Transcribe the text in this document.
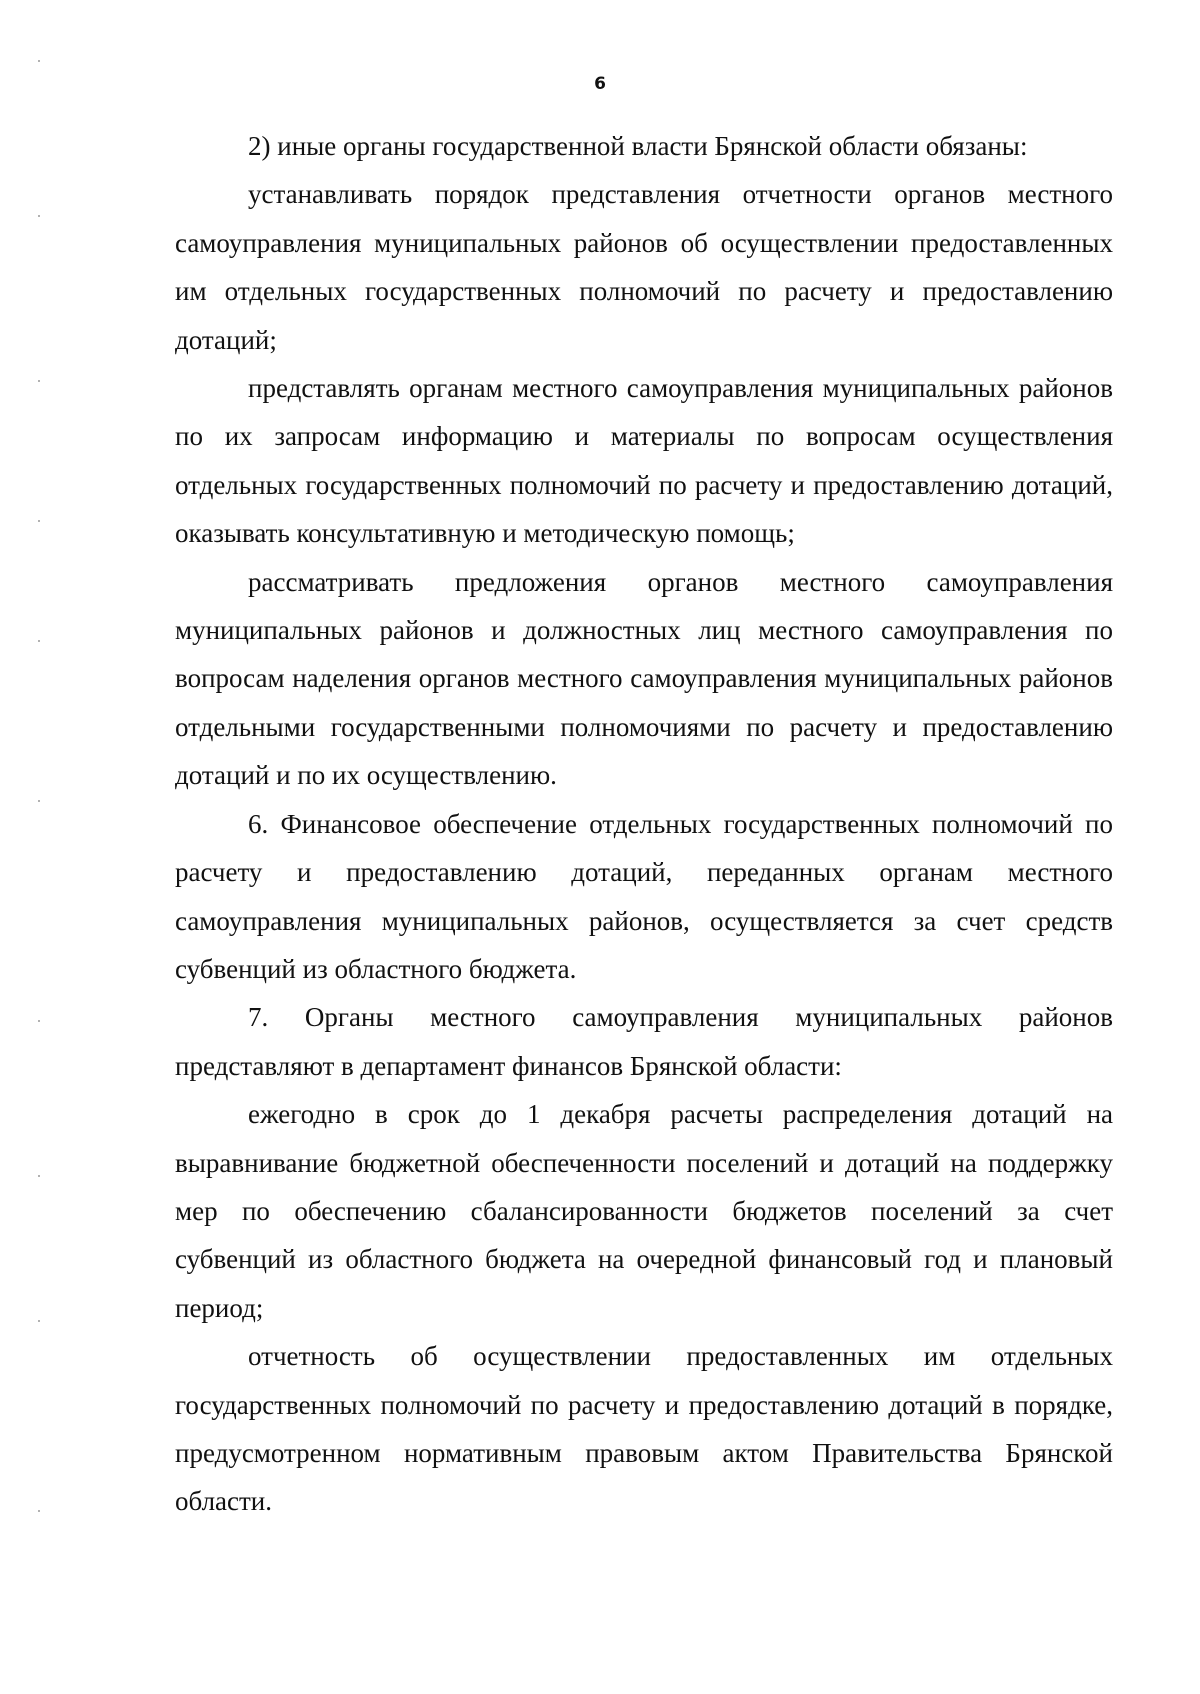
6

2) иные органы государственной власти Брянской области обязаны:

устанавливать порядок представления отчетности органов местного самоуправления муниципальных районов об осуществлении предоставленных им отдельных государственных полномочий по расчету и предоставлению дотаций;

представлять органам местного самоуправления муниципальных районов по их запросам информацию и материалы по вопросам осуществления отдельных государственных полномочий по расчету и предоставлению дотаций, оказывать консультативную и методическую помощь;

рассматривать предложения органов местного самоуправления муниципальных районов и должностных лиц местного самоуправления по вопросам наделения органов местного самоуправления муниципальных районов отдельными государственными полномочиями по расчету и предоставлению дотаций и по их осуществлению.

6. Финансовое обеспечение отдельных государственных полномочий по расчету и предоставлению дотаций, переданных органам местного самоуправления муниципальных районов, осуществляется за счет средств субвенций из областного бюджета.

7. Органы местного самоуправления муниципальных районов представляют в департамент финансов Брянской области:

ежегодно в срок до 1 декабря расчеты распределения дотаций на выравнивание бюджетной обеспеченности поселений и дотаций на поддержку мер по обеспечению сбалансированности бюджетов поселений за счет субвенций из областного бюджета на очередной финансовый год и плановый период;

отчетность об осуществлении предоставленных им отдельных государственных полномочий по расчету и предоставлению дотаций в порядке, предусмотренном нормативным правовым актом Правительства Брянской области.
